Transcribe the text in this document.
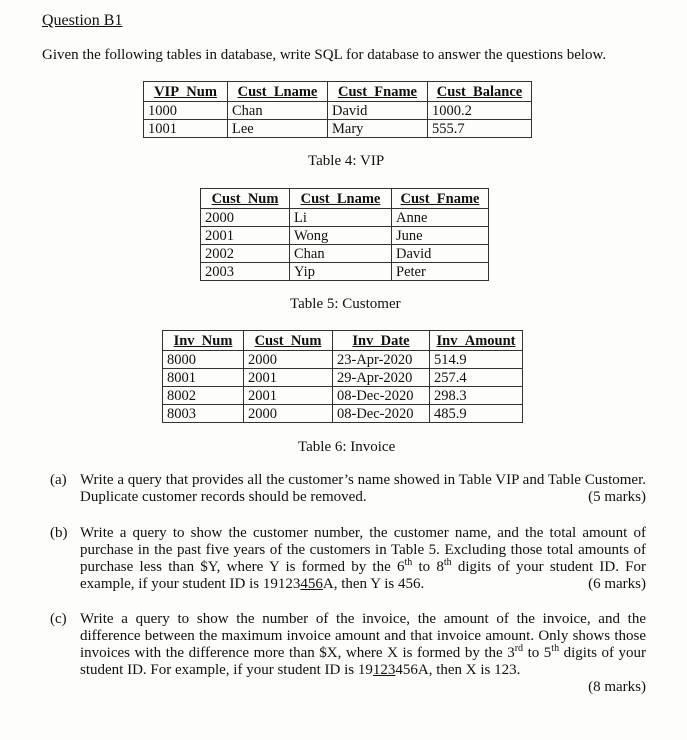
Question B1
Given the following tables in database, write SQL for database to answer the questions below.
VIP_Num	Cust_Lname	Cust_Fname	Cust_Balance
1000	Chan	David	1000.2
1001	Lee	Mary	555.7
Table 4: VIP
Cust_Num	Cust_Lname	Cust_Fname
2000	Li	Anne
2001	Wong	June
2002	Chan	David
2003	Yip	Peter
Table 5: Customer
Inv_Num	Cust_Num	Inv_Date	Inv_Amount
8000	2000	23-Apr-2020	514.9
8001	2001	29-Apr-2020	257.4
8002	2001	08-Dec-2020	298.3
8003	2000	08-Dec-2020	485.9
Table 6: Invoice
(a) Write a query that provides all the customer’s name showed in Table VIP and Table Customer. Duplicate customer records should be removed.	(5 marks)
(b) Write a query to show the customer number, the customer name, and the total amount of purchase in the past five years of the customers in Table 5. Excluding those total amounts of purchase less than $Y, where Y is formed by the 6th to 8th digits of your student ID. For example, if your student ID is 19123456A, then Y is 456.	(6 marks)
(c) Write a query to show the number of the invoice, the amount of the invoice, and the difference between the maximum invoice amount and that invoice amount. Only shows those invoices with the difference more than $X, where X is formed by the 3rd to 5th digits of your student ID. For example, if your student ID is 19123456A, then X is 123.
(8 marks)
